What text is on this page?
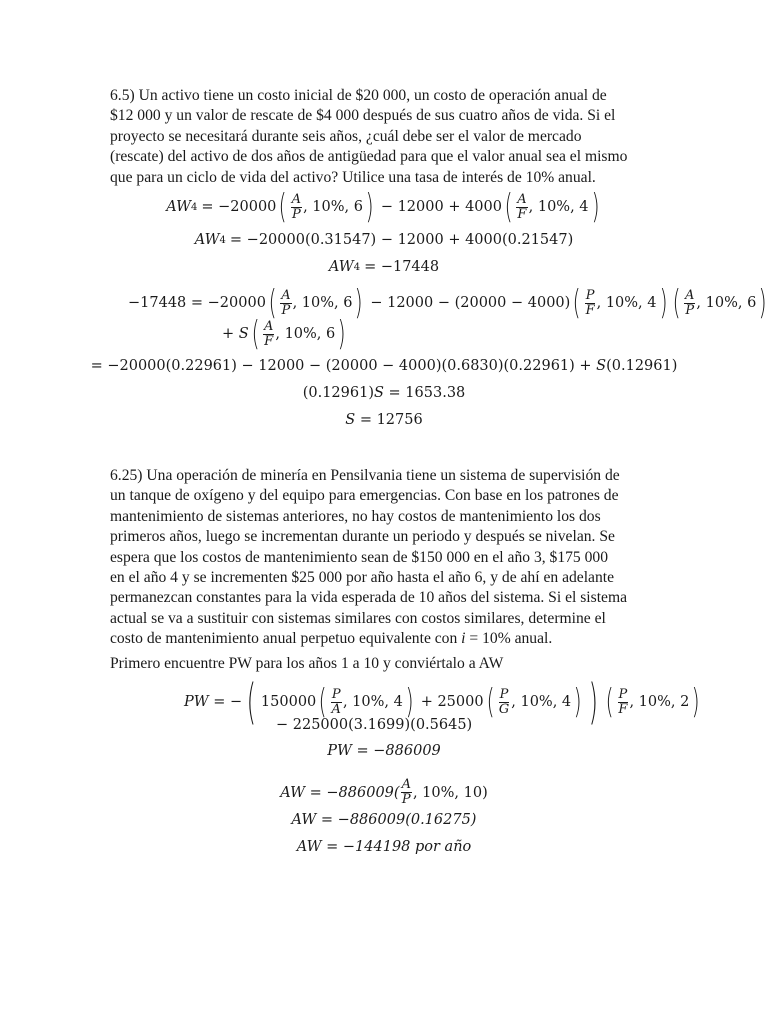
6.5) Un activo tiene un costo inicial de $20 000, un costo de operación anual de
$12 000 y un valor de rescate de $4 000 después de sus cuatro años de vida. Si el
proyecto se necesitará durante seis años, ¿cuál debe ser el valor de mercado
(rescate) del activo de dos años de antigüedad para que el valor anual sea el mismo
que para un ciclo de vida del activo? Utilice una tasa de interés de 10% anual.

AW 4 = −20000 ( $\frac{A}{P}$ , 10%, 6 ) − 12000 + 4000 ( $\frac{A}{F}$ , 10%, 4 )
AW 4 = −20000(0.31547) − 12000 + 4000(0.21547)
AW 4 = −17448
−17448 = −20000 ( $\frac{A}{P}$ , 10%, 6 ) − 12000 − (20000 − 4000) ( $\frac{P}{F}$ , 10%, 4 ) ( $\frac{A}{P}$ , 10%, 6 )
+ S ( $\frac{A}{F}$ , 10%, 6 )
= −20000(0.22961) − 12000 − (20000 − 4000)(0.6830)(0.22961) + S (0.12961)
(0.12961) S = 1653.38
S = 12756

6.25) Una operación de minería en Pensilvania tiene un sistema de supervisión de
un tanque de oxígeno y del equipo para emergencias. Con base en los patrones de
mantenimiento de sistemas anteriores, no hay costos de mantenimiento los dos
primeros años, luego se incrementan durante un periodo y después se nivelan. Se
espera que los costos de mantenimiento sean de $150 000 en el año 3, $175 000
en el año 4 y se incrementen $25 000 por año hasta el año 6, y de ahí en adelante
permanezcan constantes para la vida esperada de 10 años del sistema. Si el sistema
actual se va a sustituir con sistemas similares con costos similares, determine el
costo de mantenimiento anual perpetuo equivalente con i = 10% anual.

Primero encuentre PW para los años 1 a 10 y conviértalo a AW

PW = − ( 150000 ( $\frac{P}{A}$ , 10%, 4 ) + 25000 ( $\frac{P}{G}$ , 10%, 4 ) ) ( $\frac{P}{F}$ , 10%, 2 )
− 225000(3.1699)(0.5645)
PW = −886009
AW = $-886009( \frac{A}{P}$ , 10%, 10)
AW = −886009(0.16275)
AW = −144198 por año
